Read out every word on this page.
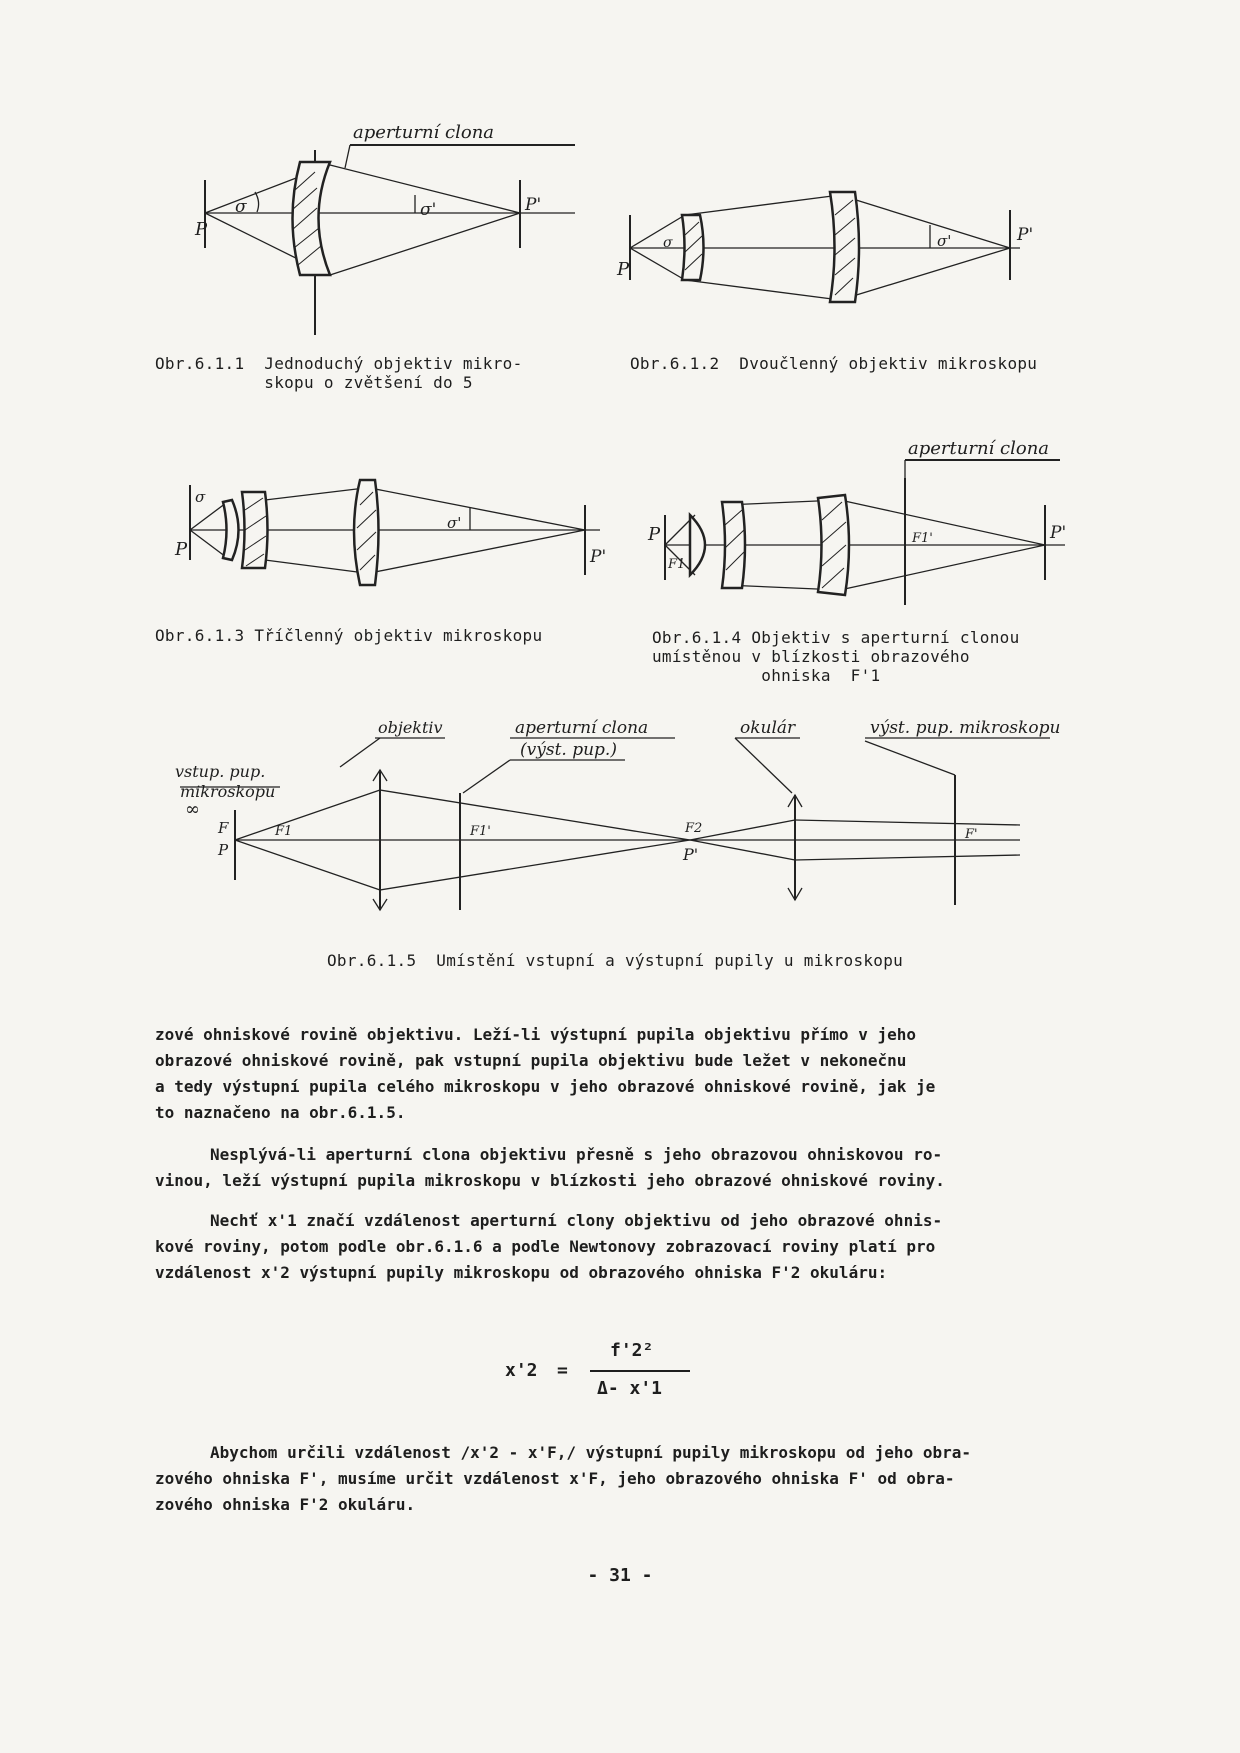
P
P'
σ	σ'
aperturní clona
Obr.6.1.1  Jednoduchý objektiv mikro-
skopu o zvětšení do 5
P
P'
σ	σ'
Obr.6.1.2  Dvoučlenný objektiv mikroskopu
P	P'
σ
σ'
Obr.6.1.3 Tříčlenný objektiv mikroskopu
P	P'
F1
F1'
aperturní clona
Obr.6.1.4 Objektiv s aperturní clonou
umístěnou v blízkosti obrazového
ohniska  F'1
vstup. pup.
mikroskopu
∞
objektiv	aperturní clona
(výst. pup.)
okulár	výst. pup. mikroskopu
F
P
F1	F1'	F2
P'
F'
Obr.6.1.5  Umístění vstupní a výstupní pupily u mikroskopu
zové ohniskové rovině objektivu. Leží-li výstupní pupila objektivu přímo v jeho
obrazové ohniskové rovině, pak vstupní pupila objektivu bude ležet v nekonečnu
a tedy výstupní pupila celého mikroskopu v jeho obrazové ohniskové rovině, jak je
to naznačeno na obr.6.1.5.
Nesplývá-li aperturní clona objektivu přesně s jeho obrazovou ohniskovou ro-
vinou, leží výstupní pupila mikroskopu v blízkosti jeho obrazové ohniskové roviny.
Nechť x'1 značí vzdálenost aperturní clony objektivu od jeho obrazové ohnis-
kové roviny, potom podle obr.6.1.6 a podle Newtonovy zobrazovací roviny platí pro
vzdálenost x'2 výstupní pupily mikroskopu od obrazového ohniska F'2 okuláru:
x'2 =
f'2²
Δ- x'1
Abychom určili vzdálenost /x'2 - x'F,/ výstupní pupily mikroskopu od jeho obra-
zového ohniska F', musíme určit vzdálenost x'F, jeho obrazového ohniska F' od obra-
zového ohniska F'2 okuláru.
- 31 -
